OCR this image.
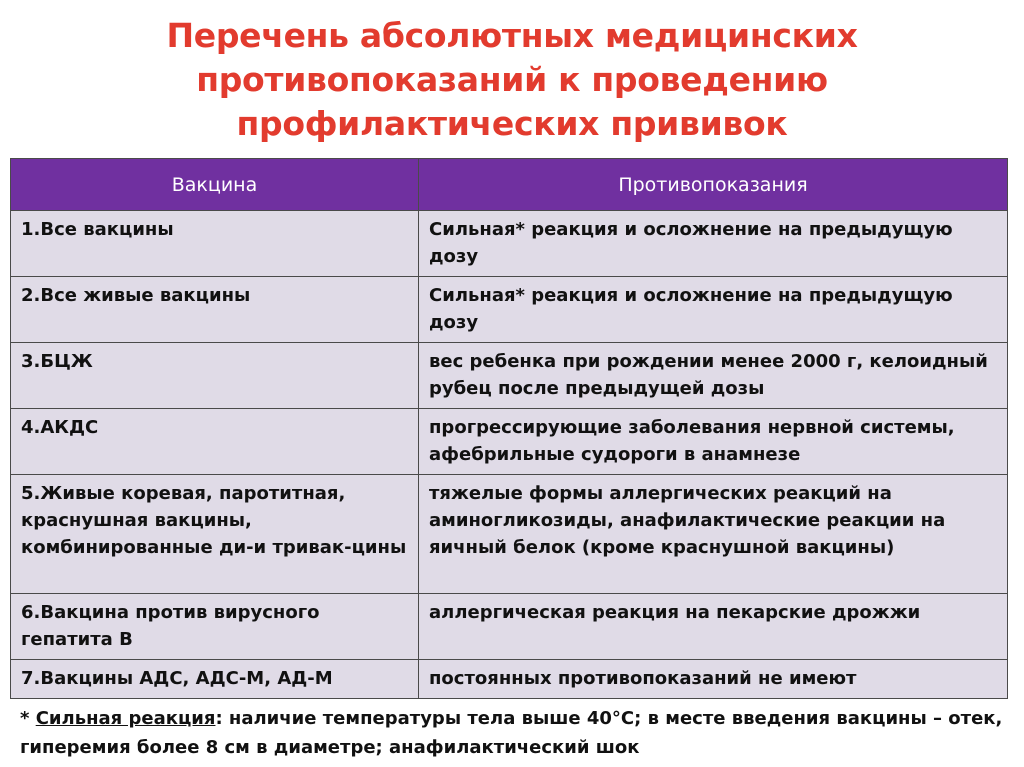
Перечень абсолютных медицинских
противопоказаний к проведению
профилактических прививок
Вакцина	Противопоказания
1.Все вакцины	Сильная* реакция и осложнение на предыдущую дозу
2.Все живые вакцины	Сильная* реакция и осложнение на предыдущую дозу
3.БЦЖ	вес ребенка при рождении менее 2000 г, келоидный рубец после предыдущей дозы
4.АКДС	прогрессирующие заболевания нервной системы, афебрильные судороги в анамнезе
5.Живые коревая, паротитная, краснушная вакцины, комбинированные ди-и тривак-цины	тяжелые формы аллергических реакций на аминогликозиды, анафилактические реакции на яичный белок (кроме краснушной вакцины)
6.Вакцина против вирусного гепатита В	аллергическая реакция на пекарские дрожжи
7.Вакцины АДС, АДС-М, АД-М	постоянных противопоказаний не имеют
* Сильная реакция: наличие температуры тела выше 40°С; в месте введения вакцины – отек, гиперемия более 8 см в диаметре; анафилактический шок
